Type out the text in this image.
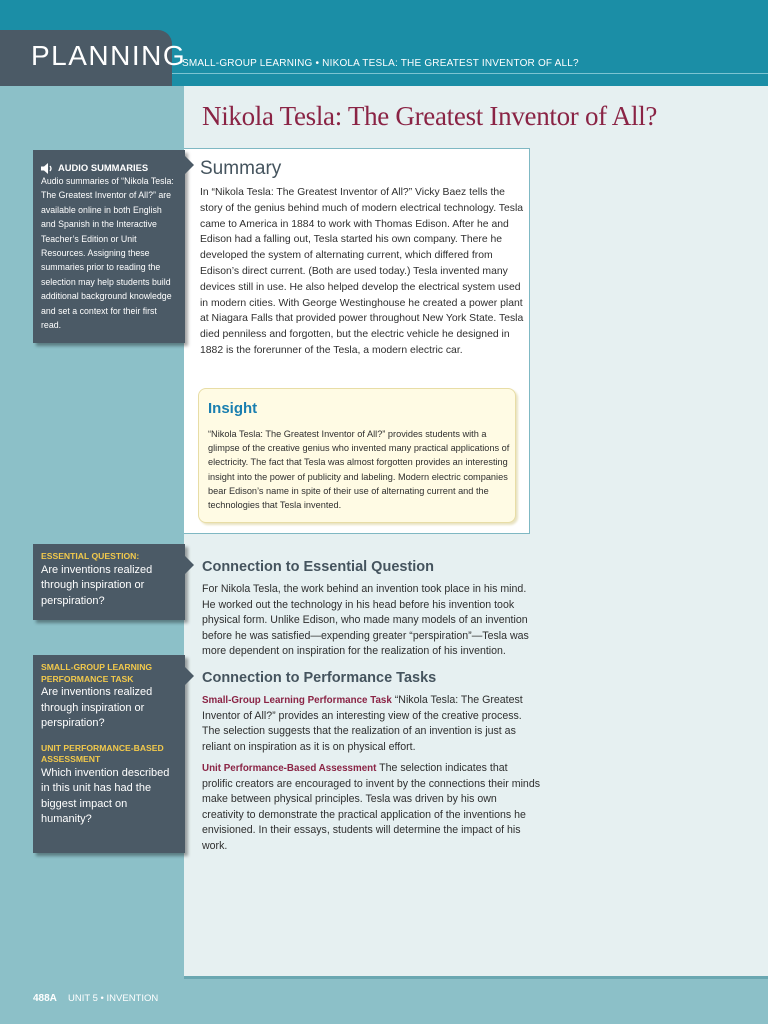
PLANNING
SMALL-GROUP LEARNING • NIKOLA TESLA: THE GREATEST INVENTOR OF ALL?
Nikola Tesla: The Greatest Inventor of All?
Summary
In “Nikola Tesla: The Greatest Inventor of All?” Vicky Baez tells the story of the genius behind much of modern electrical technology. Tesla came to America in 1884 to work with Thomas Edison. After he and Edison had a falling out, Tesla started his own company. There he developed the system of alternating current, which differed from Edison’s direct current. (Both are used today.) Tesla invented many devices still in use. He also helped develop the electrical system used in modern cities. With George Westinghouse he created a power plant at Niagara Falls that provided power throughout New York State. Tesla died penniless and forgotten, but the electric vehicle he designed in 1882 is the forerunner of the Tesla, a modern electric car.
Insight
“Nikola Tesla: The Greatest Inventor of All?” provides students with a glimpse of the creative genius who invented many practical applications of electricity. The fact that Tesla was almost forgotten provides an interesting insight into the power of publicity and labeling. Modern electric companies bear Edison’s name in spite of their use of alternating current and the technologies that Tesla invented.
Connection to Essential Question
For Nikola Tesla, the work behind an invention took place in his mind. He worked out the technology in his head before his invention took physical form. Unlike Edison, who made many models of an invention before he was satisfied—expending greater “perspiration”—Tesla was more dependent on inspiration for the realization of his invention.
Connection to Performance Tasks
Small-Group Learning Performance Task “Nikola Tesla: The Greatest Inventor of All?” provides an interesting view of the creative process. The selection suggests that the realization of an invention is just as reliant on inspiration as it is on physical effort.
Unit Performance-Based Assessment The selection indicates that prolific creators are encouraged to invent by the connections their minds make between physical principles. Tesla was driven by his own creativity to demonstrate the practical application of the inventions he envisioned. In their essays, students will determine the impact of his work.
AUDIO SUMMARIES
Audio summaries of “Nikola Tesla: The Greatest Inventor of All?” are available online in both English and Spanish in the Interactive Teacher’s Edition or Unit Resources. Assigning these summaries prior to reading the selection may help students build additional background knowledge and set a context for their first read.
ESSENTIAL QUESTION:
Are inventions realized through inspiration or perspiration?
SMALL-GROUP LEARNING PERFORMANCE TASK
Are inventions realized through inspiration or perspiration?
UNIT PERFORMANCE-BASED ASSESSMENT
Which invention described in this unit has had the biggest impact on humanity?
488A UNIT 5 • INVENTION
